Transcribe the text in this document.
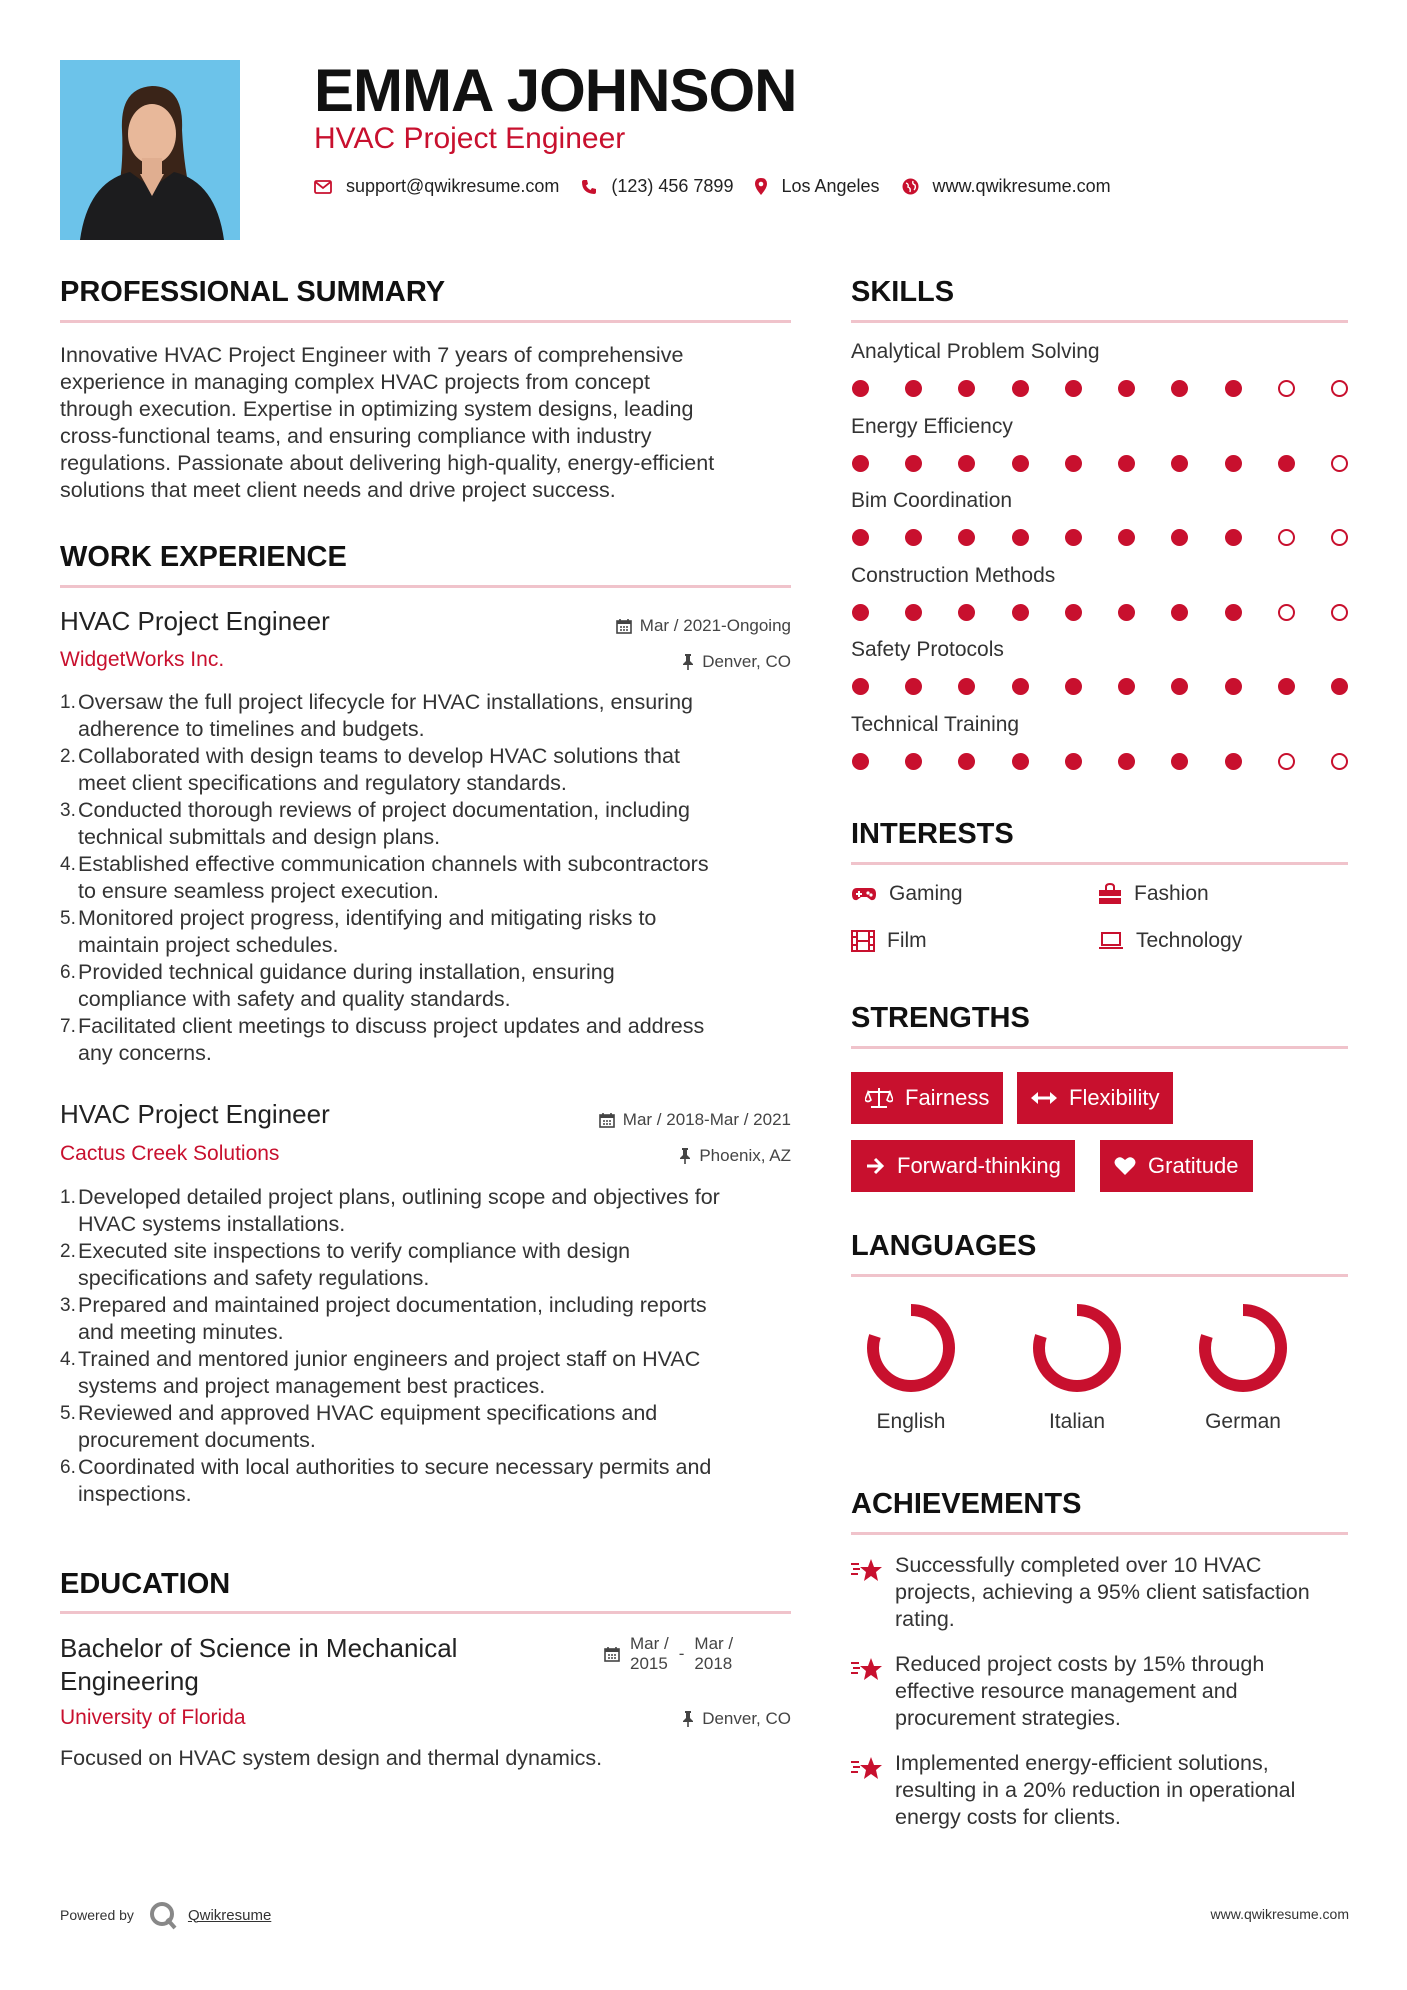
EMMA JOHNSON
HVAC Project Engineer
support@qwikresume.com	(123) 456 7899	Los Angeles	www.qwikresume.com
PROFESSIONAL SUMMARY
Innovative HVAC Project Engineer with 7 years of comprehensive
experience in managing complex HVAC projects from concept
through execution. Expertise in optimizing system designs, leading
cross-functional teams, and ensuring compliance with industry
regulations. Passionate about delivering high-quality, energy-efficient
solutions that meet client needs and drive project success.
WORK EXPERIENCE
HVAC Project Engineer	Mar / 2021-Ongoing
WidgetWorks Inc.	Denver, CO
1. Oversaw the full project lifecycle for HVAC installations, ensuring
adherence to timelines and budgets.
2. Collaborated with design teams to develop HVAC solutions that
meet client specifications and regulatory standards.
3. Conducted thorough reviews of project documentation, including
technical submittals and design plans.
4. Established effective communication channels with subcontractors
to ensure seamless project execution.
5. Monitored project progress, identifying and mitigating risks to
maintain project schedules.
6. Provided technical guidance during installation, ensuring
compliance with safety and quality standards.
7. Facilitated client meetings to discuss project updates and address
any concerns.
HVAC Project Engineer	Mar / 2018-Mar / 2021
Cactus Creek Solutions	Phoenix, AZ
1. Developed detailed project plans, outlining scope and objectives for
HVAC systems installations.
2. Executed site inspections to verify compliance with design
specifications and safety regulations.
3. Prepared and maintained project documentation, including reports
and meeting minutes.
4. Trained and mentored junior engineers and project staff on HVAC
systems and project management best practices.
5. Reviewed and approved HVAC equipment specifications and
procurement documents.
6. Coordinated with local authorities to secure necessary permits and
inspections.
EDUCATION
Bachelor of Science in Mechanical
Engineering
Mar /
2015
-
Mar /
2018
University of Florida	Denver, CO
Focused on HVAC system design and thermal dynamics.
SKILLS
Analytical Problem Solving
Energy Efficiency
Bim Coordination
Construction Methods
Safety Protocols
Technical Training
INTERESTS
Gaming	Fashion
Film	Technology
STRENGTHS
Fairness	Flexibility
Forward-thinking	Gratitude
LANGUAGES
English	Italian	German
ACHIEVEMENTS
Successfully completed over 10 HVAC
projects, achieving a 95% client satisfaction
rating.
Reduced project costs by 15% through
effective resource management and
procurement strategies.
Implemented energy-efficient solutions,
resulting in a 20% reduction in operational
energy costs for clients.
Powered by	Qwikresume	www.qwikresume.com
